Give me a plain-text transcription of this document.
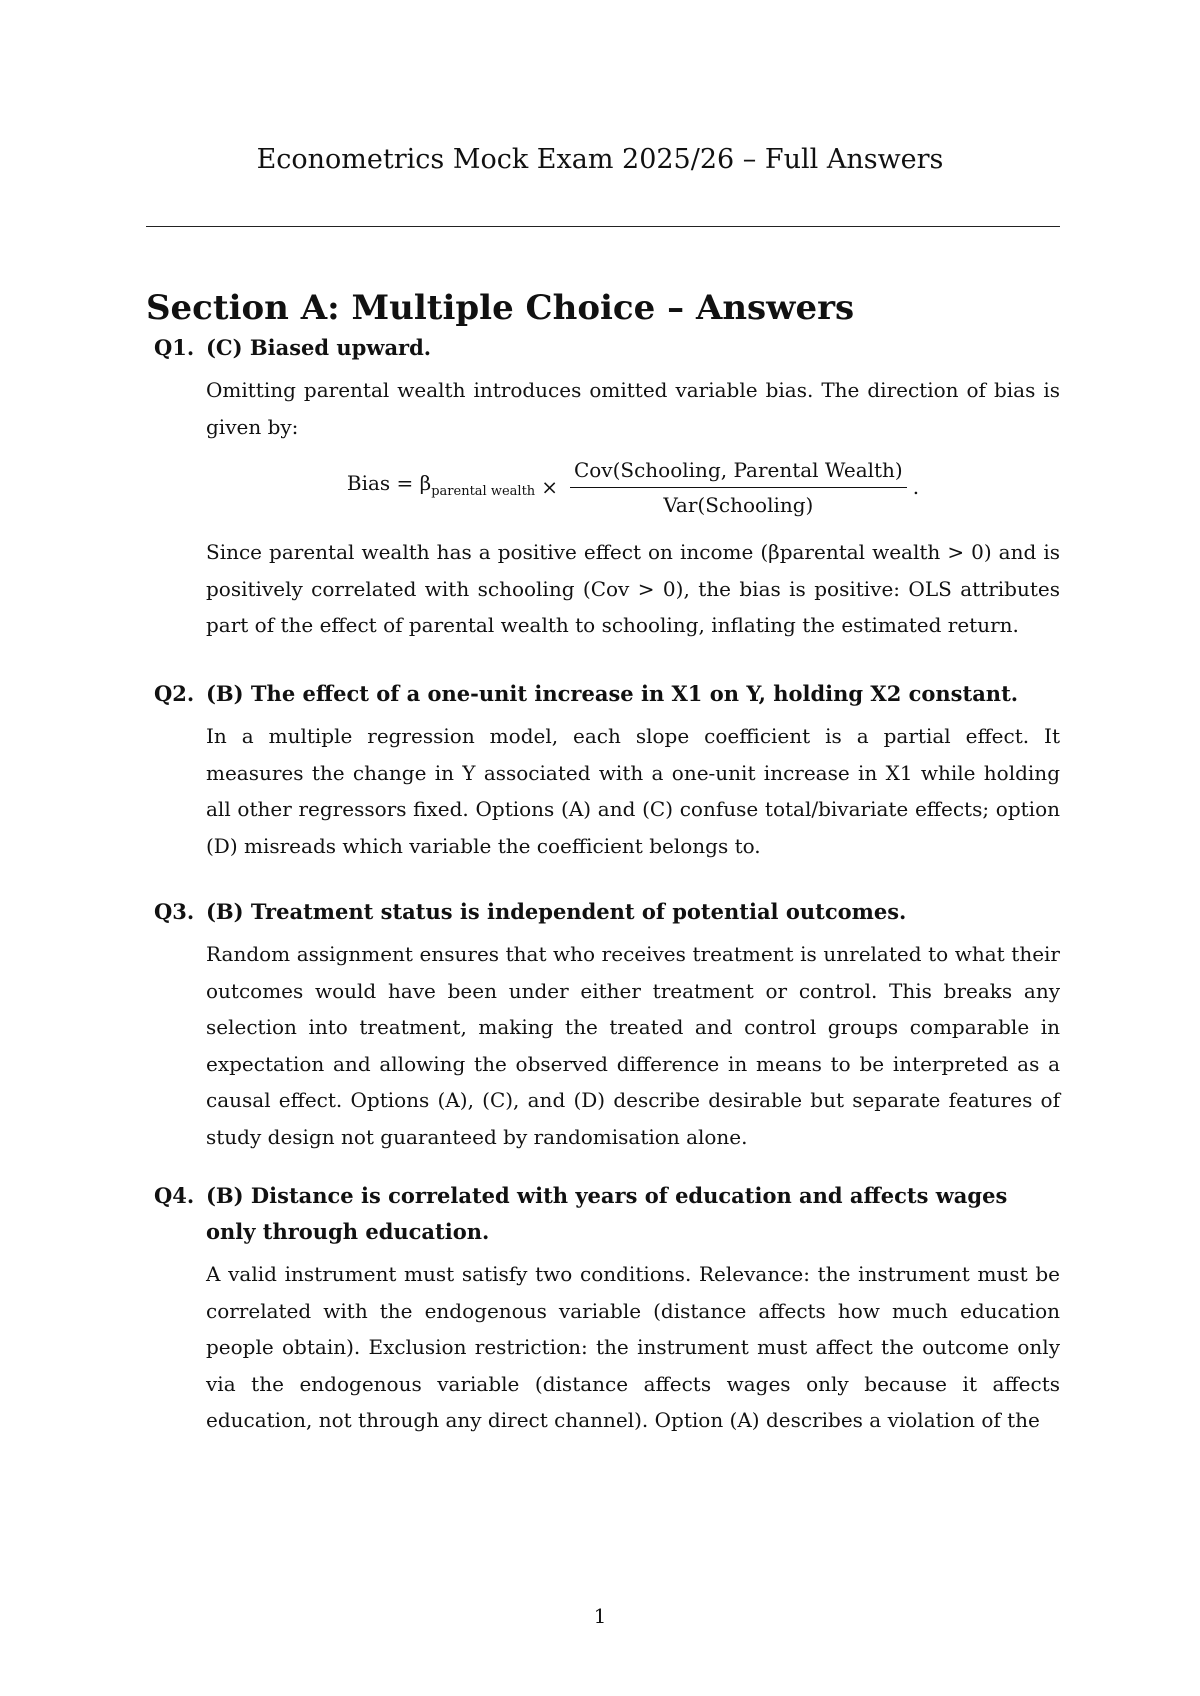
Econometrics Mock Exam 2025/26 – Full Answers
Section A: Multiple Choice – Answers
Q1. (C) Biased upward.

Omitting parental wealth introduces omitted variable bias. The direction of bias is given by:

Bias = $\beta_{parental wealth} \times \frac{\text{Cov(Schooling, Parental Wealth)}}{\text{Var(Schooling)}}$ .

Since parental wealth has a positive effect on income (βparental wealth > 0) and is positively correlated with schooling (Cov > 0), the bias is positive: OLS attributes part of the effect of parental wealth to schooling, inflating the estimated return.

Q2. (B) The effect of a one-unit increase in X1 on Y, holding X2 constant.

In a multiple regression model, each slope coefficient is a partial effect. It measures the change in Y associated with a one-unit increase in X1 while holding all other regressors fixed. Options (A) and (C) confuse total/bivariate effects; option (D) misreads which variable the coefficient belongs to.

Q3. (B) Treatment status is independent of potential outcomes.

Random assignment ensures that who receives treatment is unrelated to what their outcomes would have been under either treatment or control. This breaks any selection into treatment, making the treated and control groups comparable in expectation and allowing the observed difference in means to be interpreted as a causal effect. Options (A), (C), and (D) describe desirable but separate features of study design not guaranteed by randomisation alone.

Q4. (B) Distance is correlated with years of education and affects wages only through education.

A valid instrument must satisfy two conditions. Relevance: the instrument must be correlated with the endogenous variable (distance affects how much education people obtain). Exclusion restriction: the instrument must affect the outcome only via the endogenous variable (distance affects wages only because it affects education, not through any direct channel). Option (A) describes a violation of the

1
